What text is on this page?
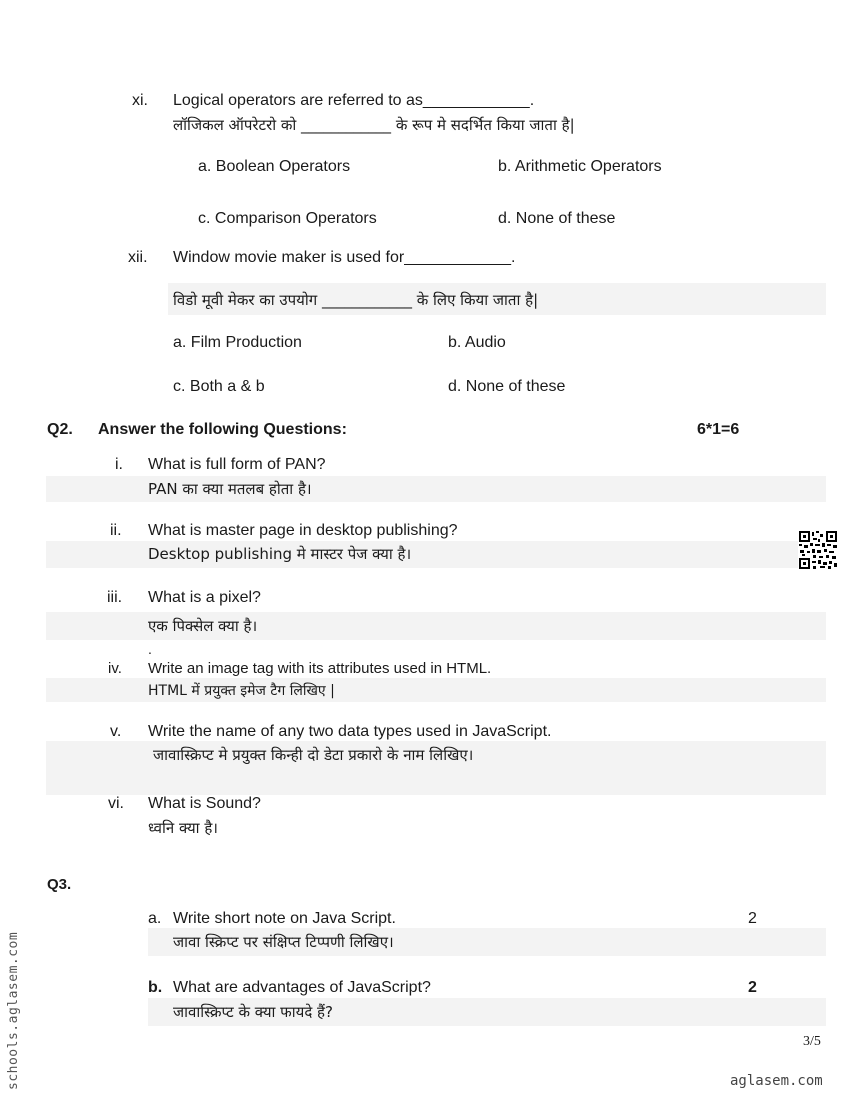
xi. Logical operators are referred to as____________.
लॉजिकल ऑपरेटरो को ____________ के रूप मे सदर्भित किया जाता है|
a. Boolean Operators	b. Arithmetic Operators
c. Comparison Operators	d. None of these
xii. Window movie maker is used for____________.
विडो मूवी मेकर का उपयोग ____________ के लिए किया जाता है|
a. Film Production	b. Audio
c. Both a & b	d. None of these
Q2. Answer the following Questions:	6*1=6
i. What is full form of PAN?
PAN का क्या मतलब होता है।
ii. What is master page in desktop publishing?
Desktop publishing मे मास्टर पेज क्या है।
iii. What is a pixel?
एक पिक्सेल क्या है।
.
iv. Write an image tag with its attributes used in HTML.
HTML में प्रयुक्त इमेज टैग लिखिए |
v. Write the name of any two data types used in JavaScript.
जावास्क्रिप्ट मे प्रयुक्त किन्ही दो डेटा प्रकारो के नाम लिखिए।
vi. What is Sound?
ध्वनि क्या है।
Q3.
a. Write short note on Java Script.	2
जावा स्क्रिप्ट पर संक्षिप्त टिप्पणी लिखिए।
b. What are advantages of JavaScript?	2
जावास्क्रिप्ट के क्या फायदे हैं?
3/5
aglasem.com
schools.aglasem.com
